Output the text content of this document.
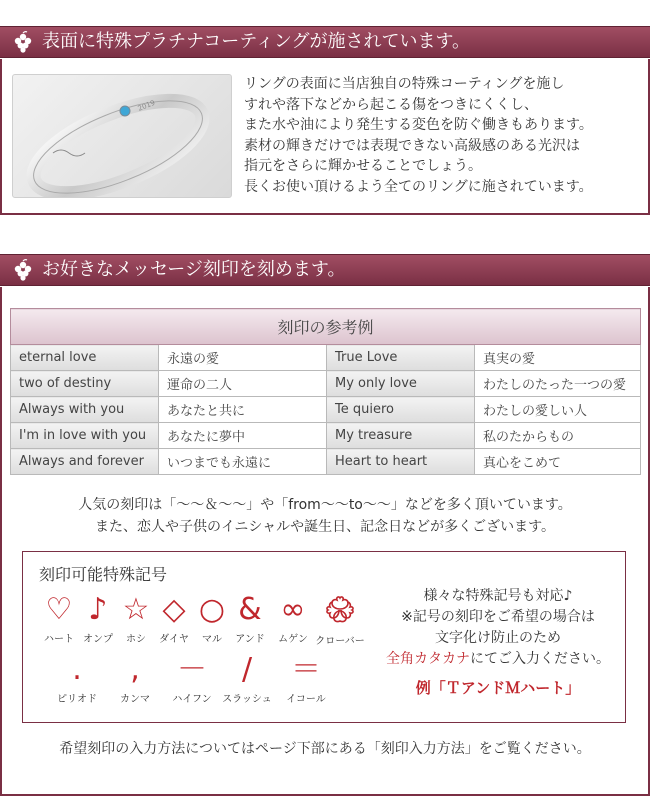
表面に特殊プラチナコーティングが施されています。
2019

リングの表面に当店独自の特殊コーティングを施し

すれや落下などから起こる傷をつきにくくし、

また水や油により発生する変色を防ぐ働きもあります。

素材の輝きだけでは表現できない高級感のある光沢は

指元をさらに輝かせることでしょう。

長くお使い頂けるよう全てのリングに施されています。

お好きなメッセージ刻印を刻めます。
刻印の参考例			
eternal love	永遠の愛	True Love	真実の愛
two of destiny	運命の二人	My only love	わたしのたった一つの愛
Always with you	あなたと共に	Te quiero	わたしの愛しい人
I'm in love with you	あなたに夢中	My treasure	私のたからもの
Always and forever	いつまでも永遠に	Heart to heart	真心をこめて

人気の刻印は「～～＆～～」や「from～～to～～」などを多く頂いています。

また、恋人や子供のイニシャルや誕生日、記念日などが多くございます。

刻印可能特殊記号
♡
ハート
♪
オンプ
☆
ホシ
◇
ダイヤ
○
マル
&
アンド
∞
ムゲン クローバー
.
ピリオド
,
カンマ
－
ハイフン
/
スラッシュ
＝
イコール

様々な特殊記号も対応♪

※記号の刻印をご希望の場合は

文字化け防止のため

全角カタカナにてご入力ください。

例「ＴアンドＭハート」

希望刻印の入力方法についてはページ下部にある「刻印入力方法」をご覧ください。
